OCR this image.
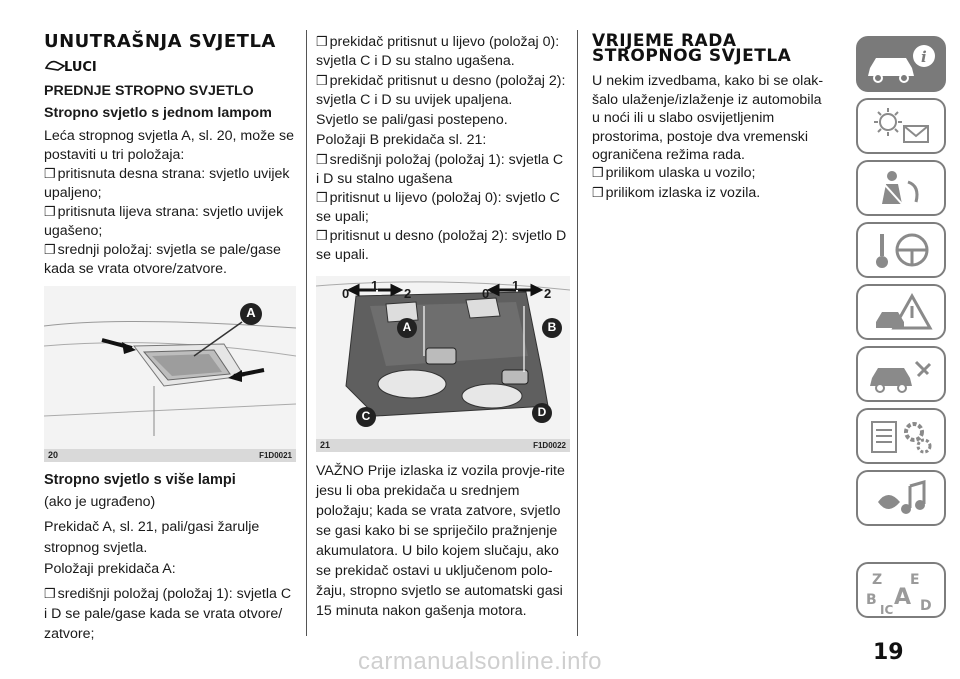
UNUTRAŠNJA SVJETLA
LUCI
PREDNJE STROPNO SVJETLO
Stropno svjetlo s jednom lampom
Leća stropnog svjetla A, sl. 20, može se postaviti u tri položaja:
❒ pritisnuta desna strana: svjetlo uvijek upaljeno;
❒ pritisnuta lijeva strana: svjetlo uvijek ugašeno;
❒ srednji položaj: svjetla se pale/gase kada se vrata otvore/zatvore.
A
20	F1D0021
Stropno svjetlo s više lampi
(ako je ugrađeno)
Prekidač A, sl. 21, pali/gasi žarulje stropnog svjetla.
Položaji prekidača A:
❒ središnji položaj (položaj 1): svjetla C i D se pale/gase kada se vrata otvore/ zatvore;
❒ prekidač pritisnut u lijevo (položaj 0): svjetla C i D su stalno ugašena.
❒ prekidač pritisnut u desno (položaj 2): svjetla C i D su uvijek upaljena.
Svjetlo se pali/gasi postepeno.
Položaji B prekidača sl. 21:
❒ središnji položaj (položaj 1): svjetla C i D su stalno ugašena
❒ pritisnut u lijevo (položaj 0): svjetlo C se upali;
❒ pritisnut u desno (položaj 2): svjetlo D se upali.
0
1
2	0
1
2
A	B
C	D
21	F1D0022
VAŽNO Prije izlaska iz vozila provje-rite jesu li oba prekidača u srednjem položaju; kada se vrata zatvore, svjetlo se gasi kako bi se spriječilo pražnjenje akumulatora. U bilo kojem slučaju, ako se prekidač ostavi u uključenom polo-žaju, stropno svjetlo se automatski gasi 15 minuta nakon gašenja motora.
VRIJEME RADA
STROPNOG SVJETLA
U nekim izvedbama, kako bi se olak-šalo ulaženje/izlaženje iz automobila u noći ili u slabo osvijetljenim prostorima, postoje dva vremenski ograničena režima rada.
❒ prilikom ulaska u vozilo;
❒ prilikom izlaska iz vozila.
i
Z E
B A
IC D
19
carmanualsonline.info
